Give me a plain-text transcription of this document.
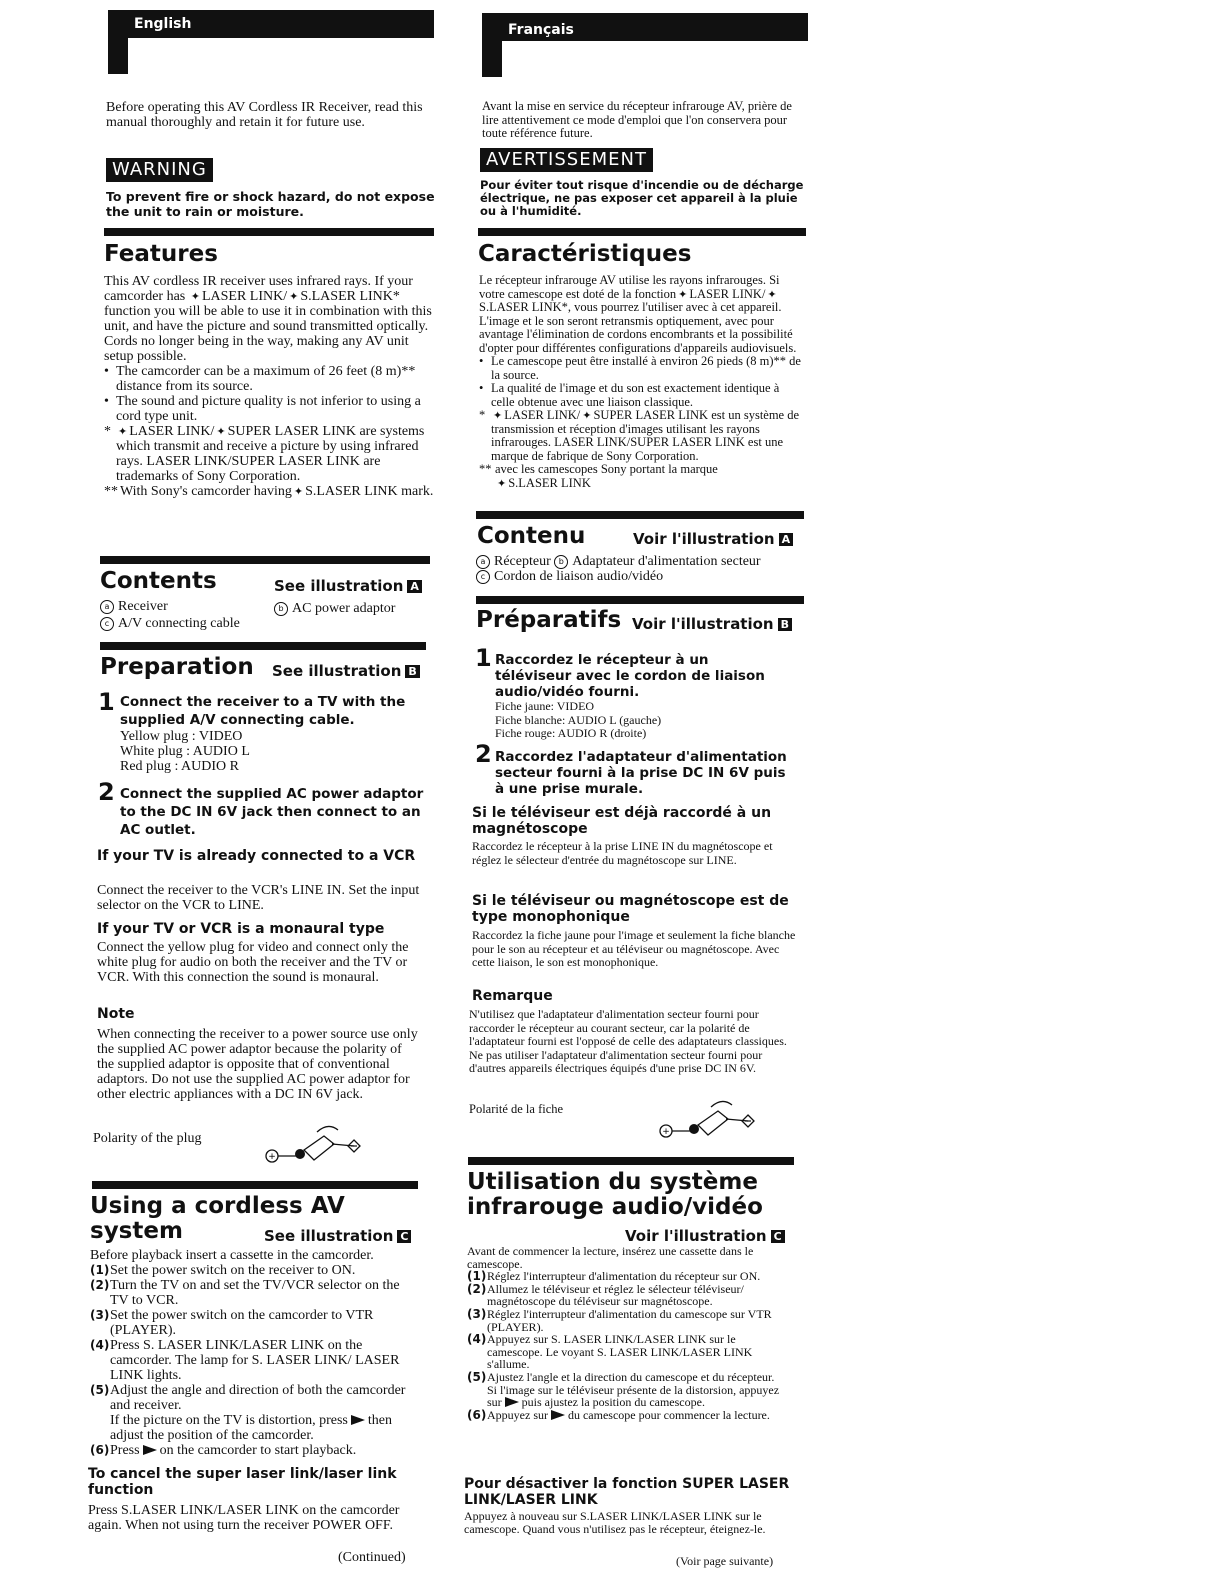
English
Before operating this AV Cordless IR Receiver, read this manual thoroughly and retain it for future use.
WARNING
To prevent fire or shock hazard, do not expose the unit to rain or moisture.
Features
This AV cordless IR receiver uses infrared rays. If your camcorder has ✦ LASER LINK/ ✦ S.LASER LINK* function you will be able to use it in combination with this unit, and have the picture and sound transmitted optically. Cords no longer being in the way, making any AV unit setup possible.
• The camcorder can be a maximum of 26 feet (8 m)** distance from its source.
• The sound and picture quality is not inferior to using a cord type unit.
* ✦ LASER LINK/ ✦ SUPER LASER LINK are systems which transmit and receive a picture by using infrared rays. LASER LINK/SUPER LASER LINK are trademarks of Sony Corporation.
** With Sony's camcorder having ✦ S.LASER LINK mark.
Contents	See illustration A
a Receiver	b AC power adaptor
c A/V connecting cable
Preparation See illustration B
1 Connect the receiver to a TV with the supplied A/V connecting cable.
Yellow plug : VIDEO
White plug : AUDIO L
Red plug : AUDIO R
2 Connect the supplied AC power adaptor to the DC IN 6V jack then connect to an AC outlet.
If your TV is already connected to a VCR
Connect the receiver to the VCR's LINE IN. Set the input selector on the VCR to LINE.
If your TV or VCR is a monaural type
Connect the yellow plug for video and connect only the white plug for audio on both the receiver and the TV or VCR. With this connection the sound is monaural.
Note
When connecting the receiver to a power source use only the supplied AC power adaptor because the polarity of the supplied adaptor is opposite that of conventional adaptors. Do not use the supplied AC power adaptor for other electric appliances with a DC IN 6V jack.
Polarity of the plug
+
Using a cordless AV
system	See illustration C
Before playback insert a cassette in the camcorder.
(1) Set the power switch on the receiver to ON.
(2) Turn the TV on and set the TV/VCR selector on the TV to VCR.
(3) Set the power switch on the camcorder to VTR (PLAYER).
(4) Press S. LASER LINK/LASER LINK on the camcorder. The lamp for S. LASER LINK/ LASER LINK lights.
(5) Adjust the angle and direction of both the camcorder and receiver.
If the picture on the TV is distortion, press then adjust the position of the camcorder.
(6) Press on the camcorder to start playback.
To cancel the super laser link/laser link function
Press S.LASER LINK/LASER LINK on the camcorder again. When not using turn the receiver POWER OFF.
(Continued)
Français
Avant la mise en service du récepteur infrarouge AV, prière de lire attentivement ce mode d'emploi que l'on conservera pour toute référence future.
AVERTISSEMENT
Pour éviter tout risque d'incendie ou de décharge électrique, ne pas exposer cet appareil à la pluie ou à l'humidité.
Caractéristiques
Le récepteur infrarouge AV utilise les rayons infrarouges. Si votre camescope est doté de la fonction ✦ LASER LINK/ ✦S.LASER LINK*, vous pourrez l'utiliser avec à cet appareil. L'image et le son seront retransmis optiquement, avec pour avantage l'élimination de cordons encombrants et la possibilité d'opter pour différentes configurations d'appareils audiovisuels.
• Le camescope peut être installé à environ 26 pieds (8 m)** de la source.
• La qualité de l'image et du son est exactement identique à celle obtenue avec une liaison classique.
* ✦ LASER LINK/ ✦ SUPER LASER LINK est un système de transmission et réception d'images utilisant les rayons infrarouges. LASER LINK/SUPER LASER LINK est une marque de fabrique de Sony Corporation.
** avec les camescopes Sony portant la marque
✦ S.LASER LINK
Contenu	Voir l'illustration A
a Récepteur b Adaptateur d'alimentation secteur
c Cordon de liaison audio/vidéo
Préparatifs Voir l'illustration B
1 Raccordez le récepteur à un téléviseur avec le cordon de liaison audio/vidéo fourni.
Fiche jaune: VIDEO
Fiche blanche: AUDIO L (gauche)
Fiche rouge: AUDIO R (droite)
2 Raccordez l'adaptateur d'alimentation secteur fourni à la prise DC IN 6V puis à une prise murale.
Si le téléviseur est déjà raccordé à un magnétoscope
Raccordez le récepteur à la prise LINE IN du magnétoscope et réglez le sélecteur d'entrée du magnétoscope sur LINE.
Si le téléviseur ou magnétoscope est de type monophonique
Raccordez la fiche jaune pour l'image et seulement la fiche blanche pour le son au récepteur et au téléviseur ou magnétoscope. Avec cette liaison, le son est monophonique.
Remarque
N'utilisez que l'adaptateur d'alimentation secteur fourni pour raccorder le récepteur au courant secteur, car la polarité de l'adaptateur fourni est l'opposé de celle des adaptateurs classiques. Ne pas utiliser l'adaptateur d'alimentation secteur fourni pour d'autres appareils électriques équipés d'une prise DC IN 6V.
Polarité de la fiche
+
Utilisation du système
infrarouge audio/vidéo
Voir l'illustration C
Avant de commencer la lecture, insérez une cassette dans le camescope.
(1) Réglez l'interrupteur d'alimentation du récepteur sur ON.
(2) Allumez le téléviseur et réglez le sélecteur téléviseur/ magnétoscope du téléviseur sur magnétoscope.
(3) Réglez l'interrupteur d'alimentation du camescope sur VTR (PLAYER).
(4) Appuyez sur S. LASER LINK/LASER LINK sur le camescope. Le voyant S. LASER LINK/LASER LINK s'allume.
(5) Ajustez l'angle et la direction du camescope et du récepteur.
Si l'image sur le téléviseur présente de la distorsion, appuyez sur puis ajustez la position du camescope.
(6) Appuyez sur du camescope pour commencer la lecture.
Pour désactiver la fonction SUPER LASER LINK/LASER LINK
Appuyez à nouveau sur S.LASER LINK/LASER LINK sur le camescope. Quand vous n'utilisez pas le récepteur, éteignez-le.
(Voir page suivante)
